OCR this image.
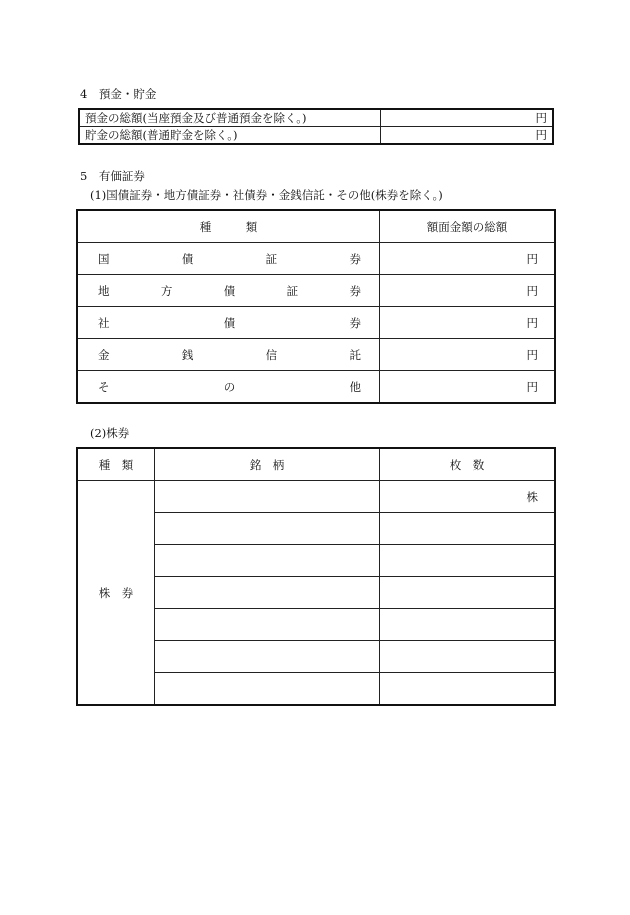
4　預金・貯金
預金の総額(当座預金及び普通預金を除く。)	円
貯金の総額(普通貯金を除く。)	円
5　有価証券
(1)国債証券・地方債証券・社債券・金銭信託・その他(株券を除く。)
種　　　類	額面金額の総額

国 債 証 券	円

地 方 債 証 券	円

社 債 券	円

金 銭 信 託	円

そ の 他	円
(2)株券
種　類	銘　柄	枚　数
株　券		株
